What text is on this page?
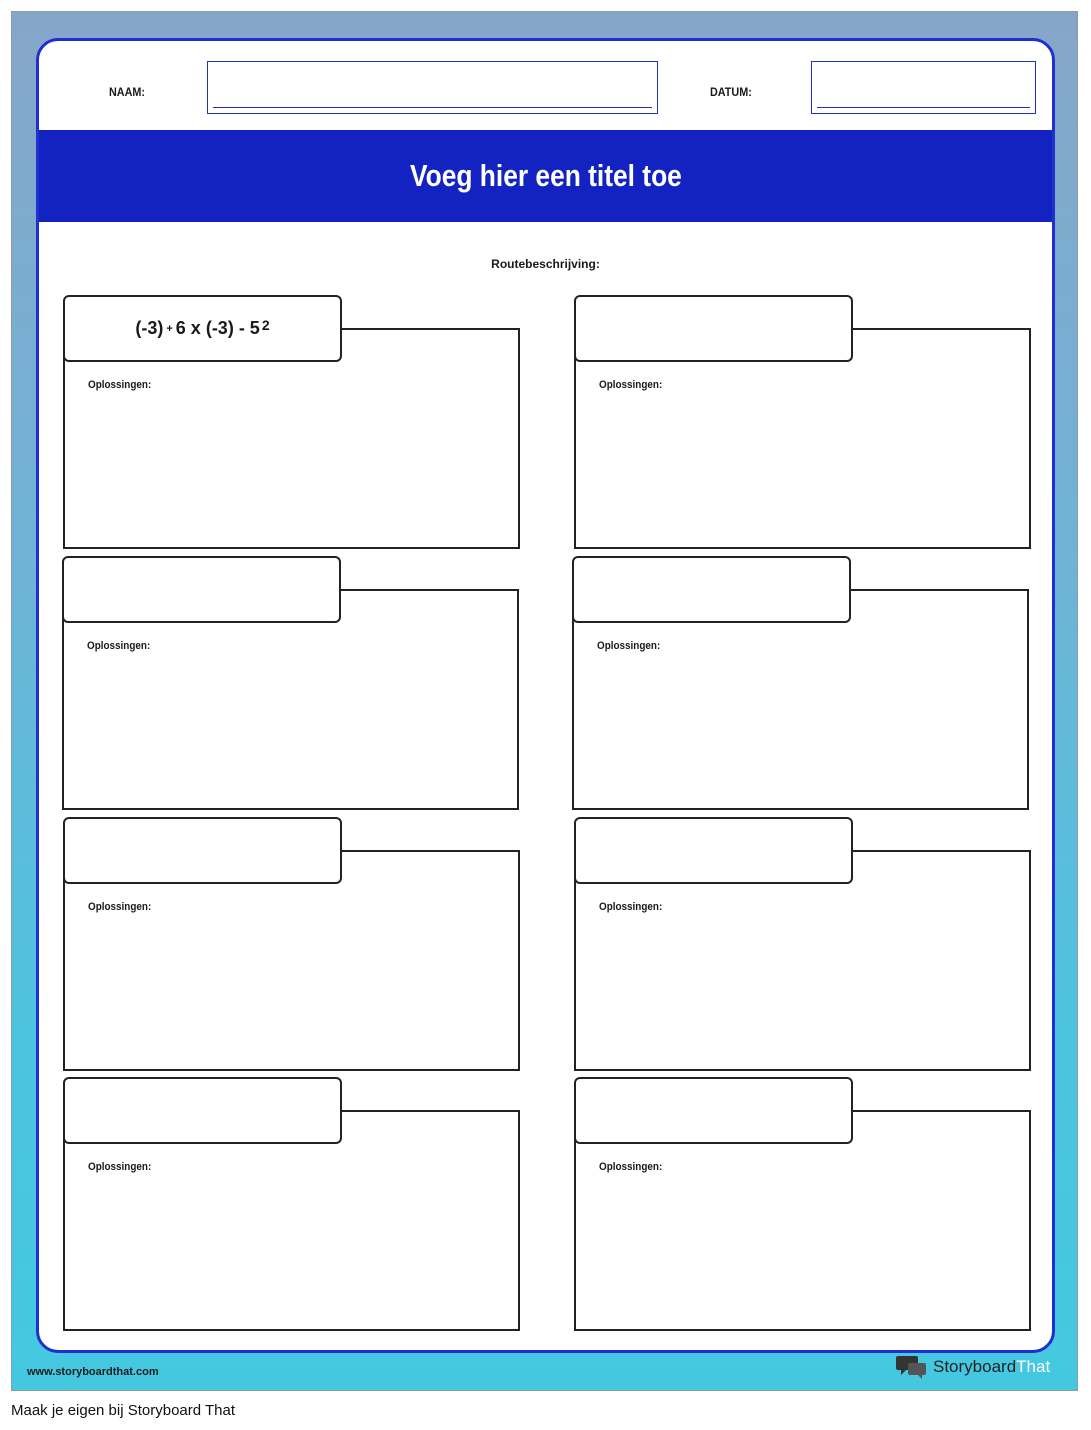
NAAM:	DATUM:
Voeg hier een titel toe
Routebeschrijving:
(-3) + 6 x $(-3) - 5^2$
Oplossingen:	Oplossingen:
Oplossingen:	Oplossingen:
Oplossingen:	Oplossingen:
Oplossingen:	Oplossingen:
www.storyboardthat.com	StoryboardThat
Maak je eigen bij Storyboard That
